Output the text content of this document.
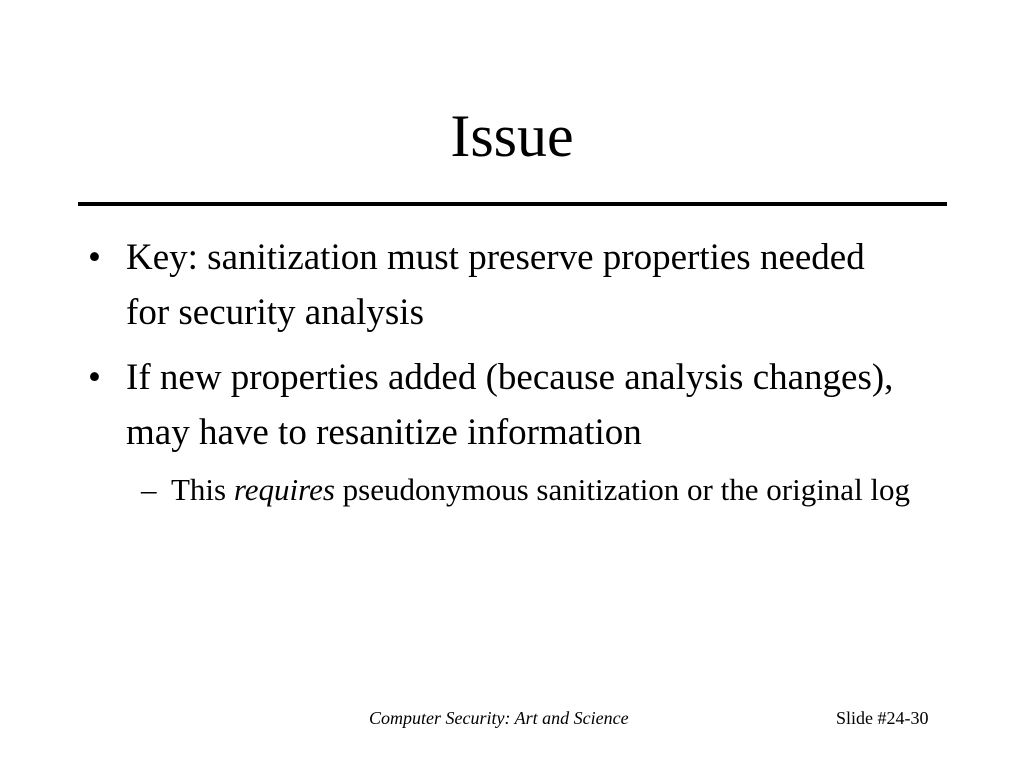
Issue
• Key: sanitization must preserve properties needed for security analysis
• If new properties added (because analysis changes), may have to resanitize information
– This requires pseudonymous sanitization or the original log
Computer Security: Art and Science	Slide #24-30
